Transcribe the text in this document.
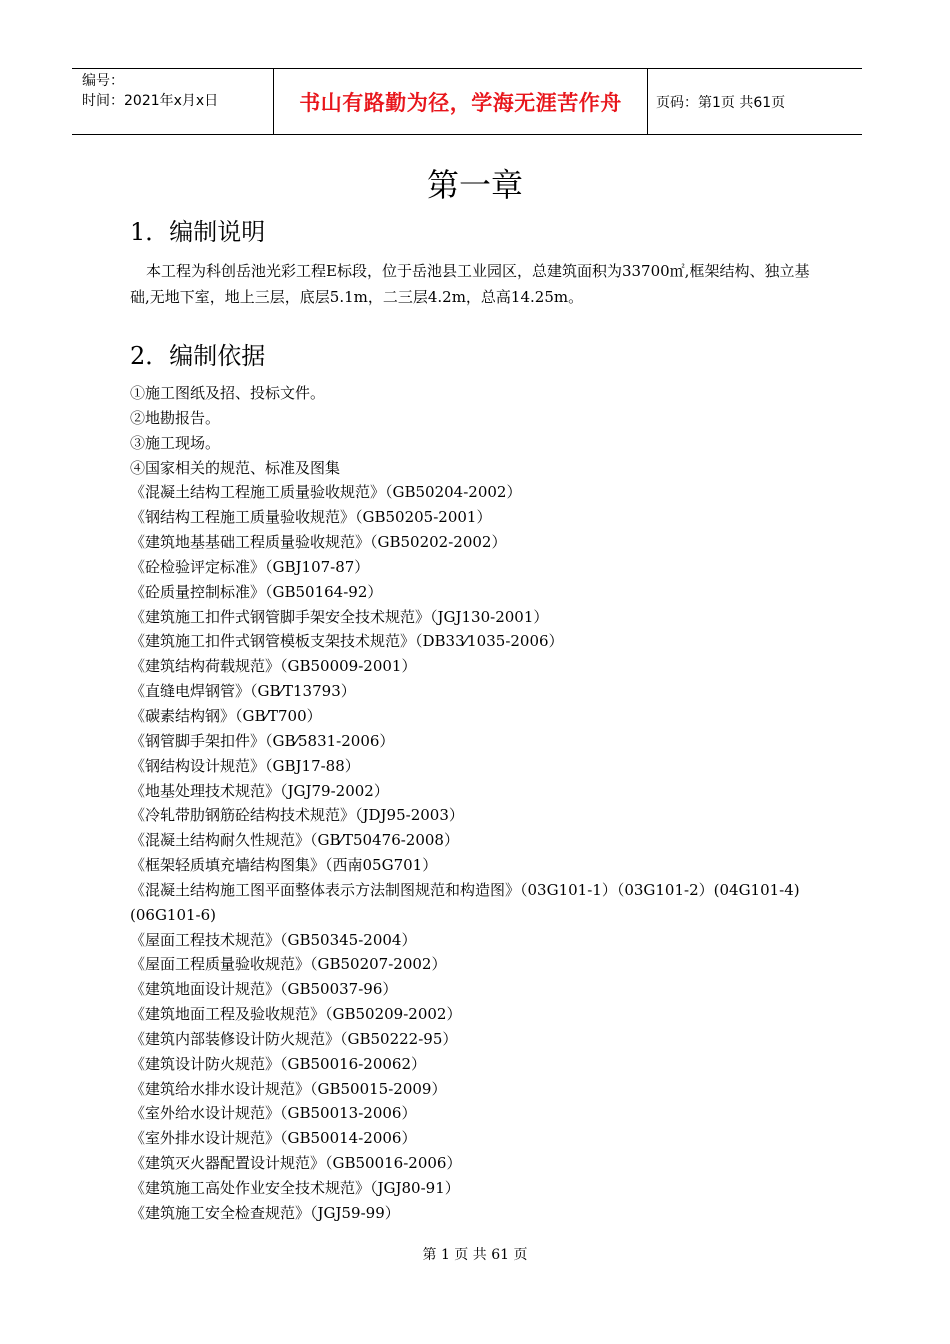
编号：
时间：2021年x月x日	书山有路勤为径，学海无涯苦作舟	页码：第1页 共61页
第一章
1．编制说明
本工程为科创岳池光彩工程E标段，位于岳池县工业园区，总建筑面积为33700㎡,框架结构、独立基础,无地下室，地上三层，底层5.1m，二三层4.2m，总高14.25m。
2．编制依据
①施工图纸及招、投标文件。
②地勘报告。
③施工现场。
④国家相关的规范、标准及图集
《混凝土结构工程施工质量验收规范》（GB50204-2002）
《钢结构工程施工质量验收规范》（GB50205-2001）
《建筑地基基础工程质量验收规范》（GB50202-2002）
《砼检验评定标准》（GBJ107-87）
《砼质量控制标准》（GB50164-92）
《建筑施工扣件式钢管脚手架安全技术规范》（JGJ130-2001）
《建筑施工扣件式钢管模板支架技术规范》（DB33⁄1035-2006）
《建筑结构荷载规范》（GB50009-2001）
《直缝电焊钢管》（GB⁄T13793）
《碳素结构钢》（GB⁄T700）
《钢管脚手架扣件》（GB⁄5831-2006）
《钢结构设计规范》（GBJ17-88）
《地基处理技术规范》（JGJ79-2002）
《冷轧带肋钢筋砼结构技术规范》（JDJ95-2003）
《混凝土结构耐久性规范》（GB⁄T50476-2008）
《框架轻质填充墙结构图集》（西南05G701）
《混凝土结构施工图平面整体表示方法制图规范和构造图》（03G101-1）（03G101-2）(04G101-4)(06G101-6)
《屋面工程技术规范》（GB50345-2004）
《屋面工程质量验收规范》（GB50207-2002）
《建筑地面设计规范》（GB50037-96）
《建筑地面工程及验收规范》（GB50209-2002）
《建筑内部装修设计防火规范》（GB50222-95）
《建筑设计防火规范》（GB50016-20062）
《建筑给水排水设计规范》（GB50015-2009）
《室外给水设计规范》（GB50013-2006）
《室外排水设计规范》（GB50014-2006）
《建筑灭火器配置设计规范》（GB50016-2006）
《建筑施工高处作业安全技术规范》（JGJ80-91）
《建筑施工安全检查规范》（JGJ59-99）
第 1 页 共 61 页
